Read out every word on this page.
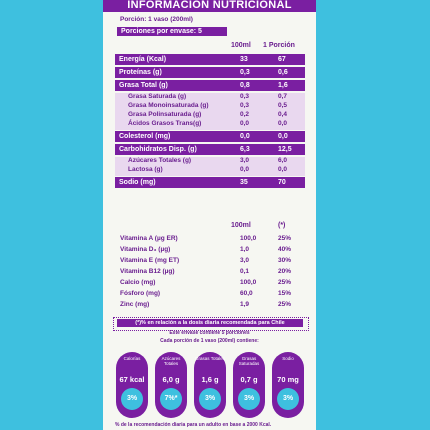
INFORMACIÓN NUTRICIONAL
Porción: 1 vaso (200ml)
Porciones por envase: 5
100ml 1 Porción
Energía (Kcal)	33	67
Proteínas (g)	0,3	0,6
Grasa Total (g)	0,8	1,6
Grasa Saturada (g)	0,3	0,7
Grasa Monoinsaturada (g)	0,3	0,5
Grasa Polinsaturada (g)	0,2	0,4
Ácidos Grasos Trans(g)	0,0	0,0
Colesterol (mg)	0,0	0,0
Carbohidratos Disp. (g)	6,3	12,5
Azúcares Totales (g)	3,0	6,0
Lactosa (g)	0,0	0,0
Sodio (mg)	35	70
100ml	(*)
Vitamina A (µg ER)	100,0	25%
Vitamina D₃ (µg)	1,0	40%
Vitamina E (mg ET)	3,0	30%
Vitamina B12 (µg)	0,1	20%
Calcio (mg)	100,0	25%
Fósforo (mg)	60,0	15%
Zinc (mg)	1,9	25%
(*)% en relación a la dosis diaria recomendada para Chile
Este envase contiene 5 porciones
Cada porción de 1 vaso (200ml) contiene:
Calorías
67 kcal
3%
Azúcares Totales
6,0 g
7%*
Grasas Totales
1,6 g
3%
Grasas Saturadas
0,7 g
3%
Sodio
70 mg
3%
% de la recomendación diaria para un adulto en base a 2000 Kcal.
